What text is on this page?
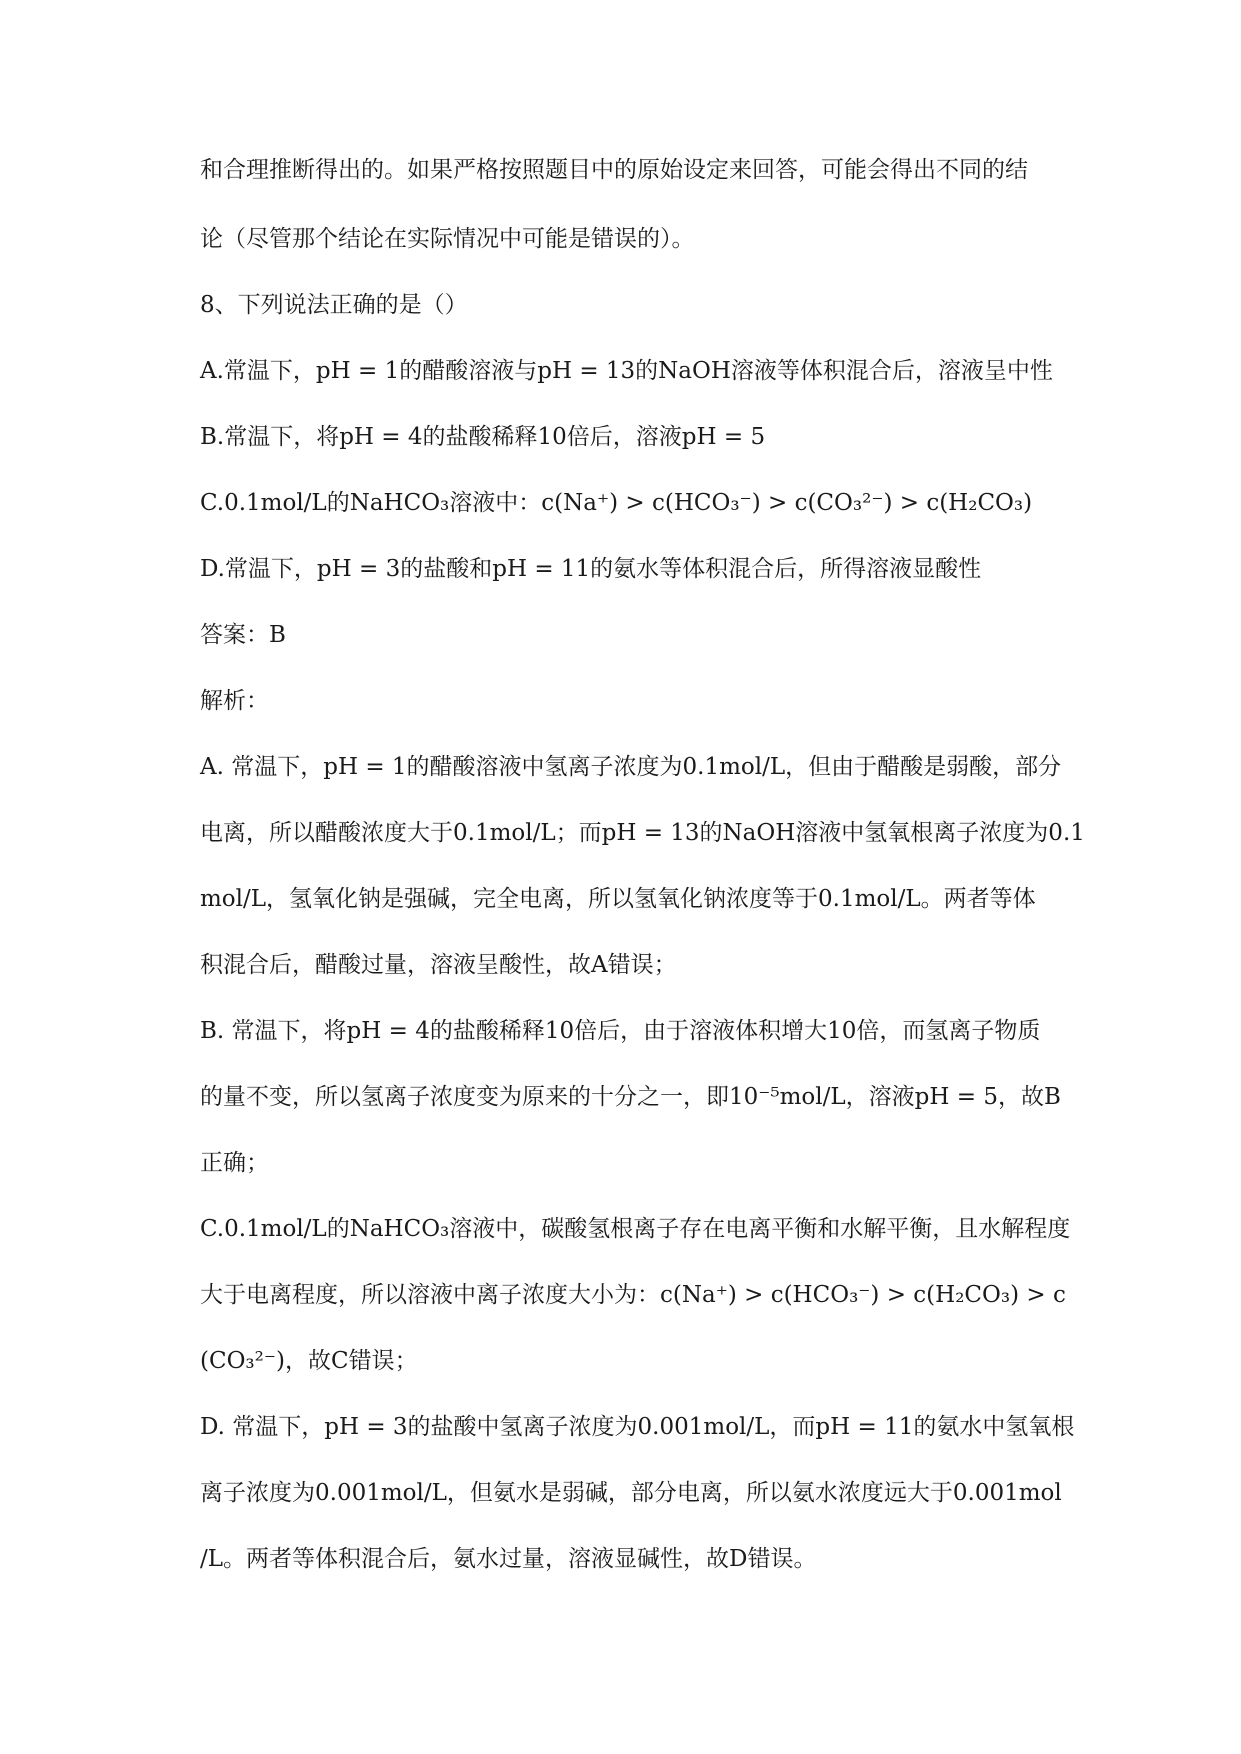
和合理推断得出的。如果严格按照题目中的原始设定来回答，可能会得出不同的结
论（尽管那个结论在实际情况中可能是错误的）。
8、下列说法正确的是（）
A.常温下，pH = 1的醋酸溶液与pH = 13的NaOH溶液等体积混合后，溶液呈中性
B.常温下，将pH = 4的盐酸稀释10倍后，溶液pH = 5
C.0.1mol/L的NaHCO₃溶液中：c(Na⁺) > c(HCO₃⁻) > c(CO₃²⁻) > c(H₂CO₃)
D.常温下，pH = 3的盐酸和pH = 11的氨水等体积混合后，所得溶液显酸性
答案：B
解析：
A. 常温下，pH = 1的醋酸溶液中氢离子浓度为0.1mol/L，但由于醋酸是弱酸，部分
电离，所以醋酸浓度大于0.1mol/L；而pH = 13的NaOH溶液中氢氧根离子浓度为0.1
mol/L，氢氧化钠是强碱，完全电离，所以氢氧化钠浓度等于0.1mol/L。两者等体
积混合后，醋酸过量，溶液呈酸性，故A错误；
B. 常温下，将pH = 4的盐酸稀释10倍后，由于溶液体积增大10倍，而氢离子物质
的量不变，所以氢离子浓度变为原来的十分之一，即10⁻⁵mol/L，溶液pH = 5，故B
正确；
C.0.1mol/L的NaHCO₃溶液中，碳酸氢根离子存在电离平衡和水解平衡，且水解程度
大于电离程度，所以溶液中离子浓度大小为：c(Na⁺) > c(HCO₃⁻) > c(H₂CO₃) > c
(CO₃²⁻)，故C错误；
D. 常温下，pH = 3的盐酸中氢离子浓度为0.001mol/L，而pH = 11的氨水中氢氧根
离子浓度为0.001mol/L，但氨水是弱碱，部分电离，所以氨水浓度远大于0.001mol
/L。两者等体积混合后，氨水过量，溶液显碱性，故D错误。
